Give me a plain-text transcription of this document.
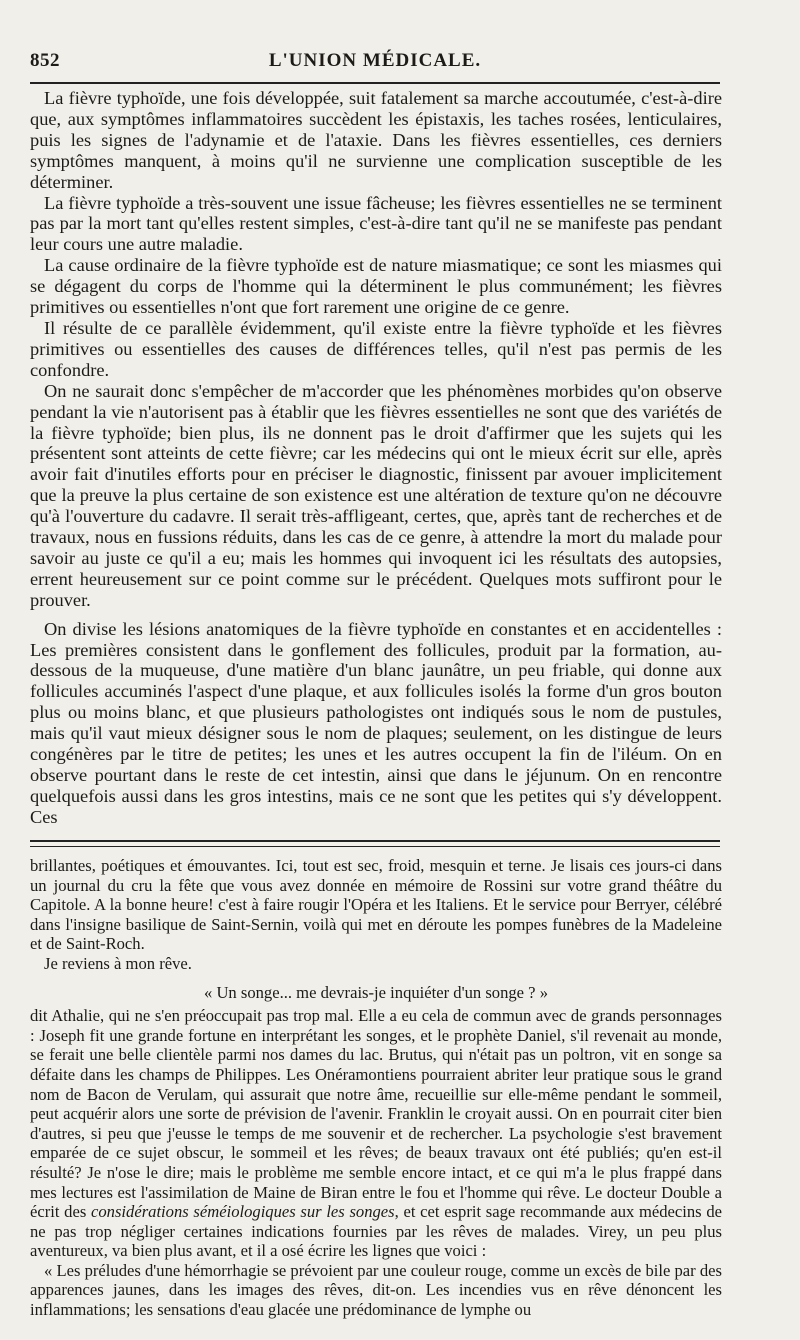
852	L'UNION MÉDICALE.

La fièvre typhoïde, une fois développée, suit fatalement sa marche accoutumée, c'est-à-dire que, aux symptômes inflammatoires succèdent les épistaxis, les taches rosées, lenticulaires, puis les signes de l'adynamie et de l'ataxie. Dans les fièvres essentielles, ces derniers symptômes manquent, à moins qu'il ne survienne une complication susceptible de les déterminer.

La fièvre typhoïde a très-souvent une issue fâcheuse; les fièvres essentielles ne se terminent pas par la mort tant qu'elles restent simples, c'est-à-dire tant qu'il ne se manifeste pas pendant leur cours une autre maladie.

La cause ordinaire de la fièvre typhoïde est de nature miasmatique; ce sont les miasmes qui se dégagent du corps de l'homme qui la déterminent le plus communément; les fièvres primitives ou essentielles n'ont que fort rarement une origine de ce genre.

Il résulte de ce parallèle évidemment, qu'il existe entre la fièvre typhoïde et les fièvres primitives ou essentielles des causes de différences telles, qu'il n'est pas permis de les confondre.

On ne saurait donc s'empêcher de m'accorder que les phénomènes morbides qu'on observe pendant la vie n'autorisent pas à établir que les fièvres essentielles ne sont que des variétés de la fièvre typhoïde; bien plus, ils ne donnent pas le droit d'affirmer que les sujets qui les présentent sont atteints de cette fièvre; car les médecins qui ont le mieux écrit sur elle, après avoir fait d'inutiles efforts pour en préciser le diagnostic, finissent par avouer implicitement que la preuve la plus certaine de son existence est une altération de texture qu'on ne découvre qu'à l'ouverture du cadavre. Il serait très-affligeant, certes, que, après tant de recherches et de travaux, nous en fussions réduits, dans les cas de ce genre, à attendre la mort du malade pour savoir au juste ce qu'il a eu; mais les hommes qui invoquent ici les résultats des autopsies, errent heureusement sur ce point comme sur le précédent. Quelques mots suffiront pour le prouver.

On divise les lésions anatomiques de la fièvre typhoïde en constantes et en accidentelles : Les premières consistent dans le gonflement des follicules, produit par la formation, au-dessous de la muqueuse, d'une matière d'un blanc jaunâtre, un peu friable, qui donne aux follicules accuminés l'aspect d'une plaque, et aux follicules isolés la forme d'un gros bouton plus ou moins blanc, et que plusieurs pathologistes ont indiqués sous le nom de pustules, mais qu'il vaut mieux désigner sous le nom de plaques; seulement, on les distingue de leurs congénères par le titre de petites; les unes et les autres occupent la fin de l'iléum. On en observe pourtant dans le reste de cet intestin, ainsi que dans le jéjunum. On en rencontre quelquefois aussi dans les gros intestins, mais ce ne sont que les petites qui s'y développent. Ces

brillantes, poétiques et émouvantes. Ici, tout est sec, froid, mesquin et terne. Je lisais ces jours-ci dans un journal du cru la fête que vous avez donnée en mémoire de Rossini sur votre grand théâtre du Capitole. A la bonne heure! c'est à faire rougir l'Opéra et les Italiens. Et le service pour Berryer, célébré dans l'insigne basilique de Saint-Sernin, voilà qui met en déroute les pompes funèbres de la Madeleine et de Saint-Roch.

Je reviens à mon rêve.

« Un songe... me devrais-je inquiéter d'un songe ? »

dit Athalie, qui ne s'en préoccupait pas trop mal. Elle a eu cela de commun avec de grands personnages : Joseph fit une grande fortune en interprétant les songes, et le prophète Daniel, s'il revenait au monde, se ferait une belle clientèle parmi nos dames du lac. Brutus, qui n'était pas un poltron, vit en songe sa défaite dans les champs de Philippes. Les Onéramontiens pourraient abriter leur pratique sous le grand nom de Bacon de Verulam, qui assurait que notre âme, recueillie sur elle-même pendant le sommeil, peut acquérir alors une sorte de prévision de l'avenir. Franklin le croyait aussi. On en pourrait citer bien d'autres, si peu que j'eusse le temps de me souvenir et de rechercher. La psychologie s'est bravement emparée de ce sujet obscur, le sommeil et les rêves; de beaux travaux ont été publiés; qu'en est-il résulté? Je n'ose le dire; mais le problème me semble encore intact, et ce qui m'a le plus frappé dans mes lectures est l'assimilation de Maine de Biran entre le fou et l'homme qui rêve. Le docteur Double a écrit des considérations séméiologiques sur les songes, et cet esprit sage recommande aux médecins de ne pas trop négliger certaines indications fournies par les rêves de malades. Virey, un peu plus aventureux, va bien plus avant, et il a osé écrire les lignes que voici :

« Les préludes d'une hémorrhagie se prévoient par une couleur rouge, comme un excès de bile par des apparences jaunes, dans les images des rêves, dit-on. Les incendies vus en rêve dénoncent les inflammations; les sensations d'eau glacée une prédominance de lymphe ou
